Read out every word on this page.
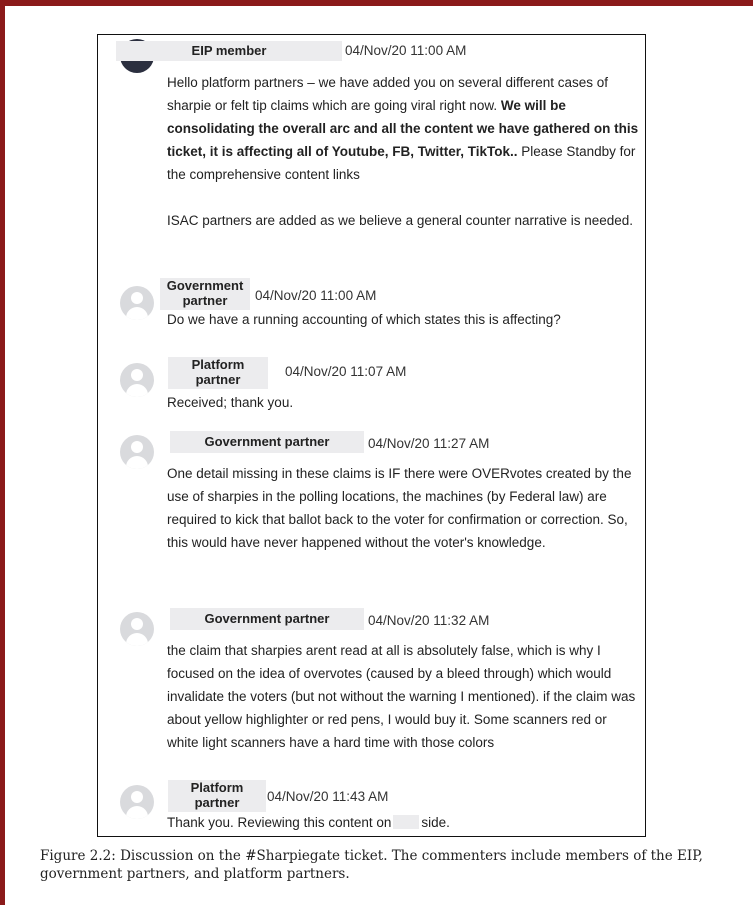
EIP member	04/Nov/20 11:00 AM

Hello platform partners – we have added you on several different cases of sharpie or felt tip claims which are going viral right now. We will be consolidating the overall arc and all the content we have gathered on this ticket, it is affecting all of Youtube, FB, Twitter, TikTok.. Please Standby for the comprehensive content links

ISAC partners are added as we believe a general counter narrative is needed.

Government
partner	04/Nov/20 11:00 AM
Do we have a running accounting of which states this is affecting?
Platform
partner
04/Nov/20 11:07 AM
Received; thank you.
Government partner	04/Nov/20 11:27 AM
One detail missing in these claims is IF there were OVERvotes created by the use of sharpies in the polling locations, the machines (by Federal law) are required to kick that ballot back to the voter for confirmation or correction. So, this would have never happened without the voter's knowledge.
Government partner	04/Nov/20 11:32 AM
the claim that sharpies arent read at all is absolutely false, which is why I focused on the idea of overvotes (caused by a bleed through) which would invalidate the voters (but not without the warning I mentioned). if the claim was about yellow highlighter or red pens, I would buy it. Some scanners red or white light scanners have a hard time with those colors
Platform
partner	04/Nov/20 11:43 AM
Thank you. Reviewing this content on side.
Figure 2.2: Discussion on the #Sharpiegate ticket. The commenters include members of the EIP, government partners, and platform partners.
